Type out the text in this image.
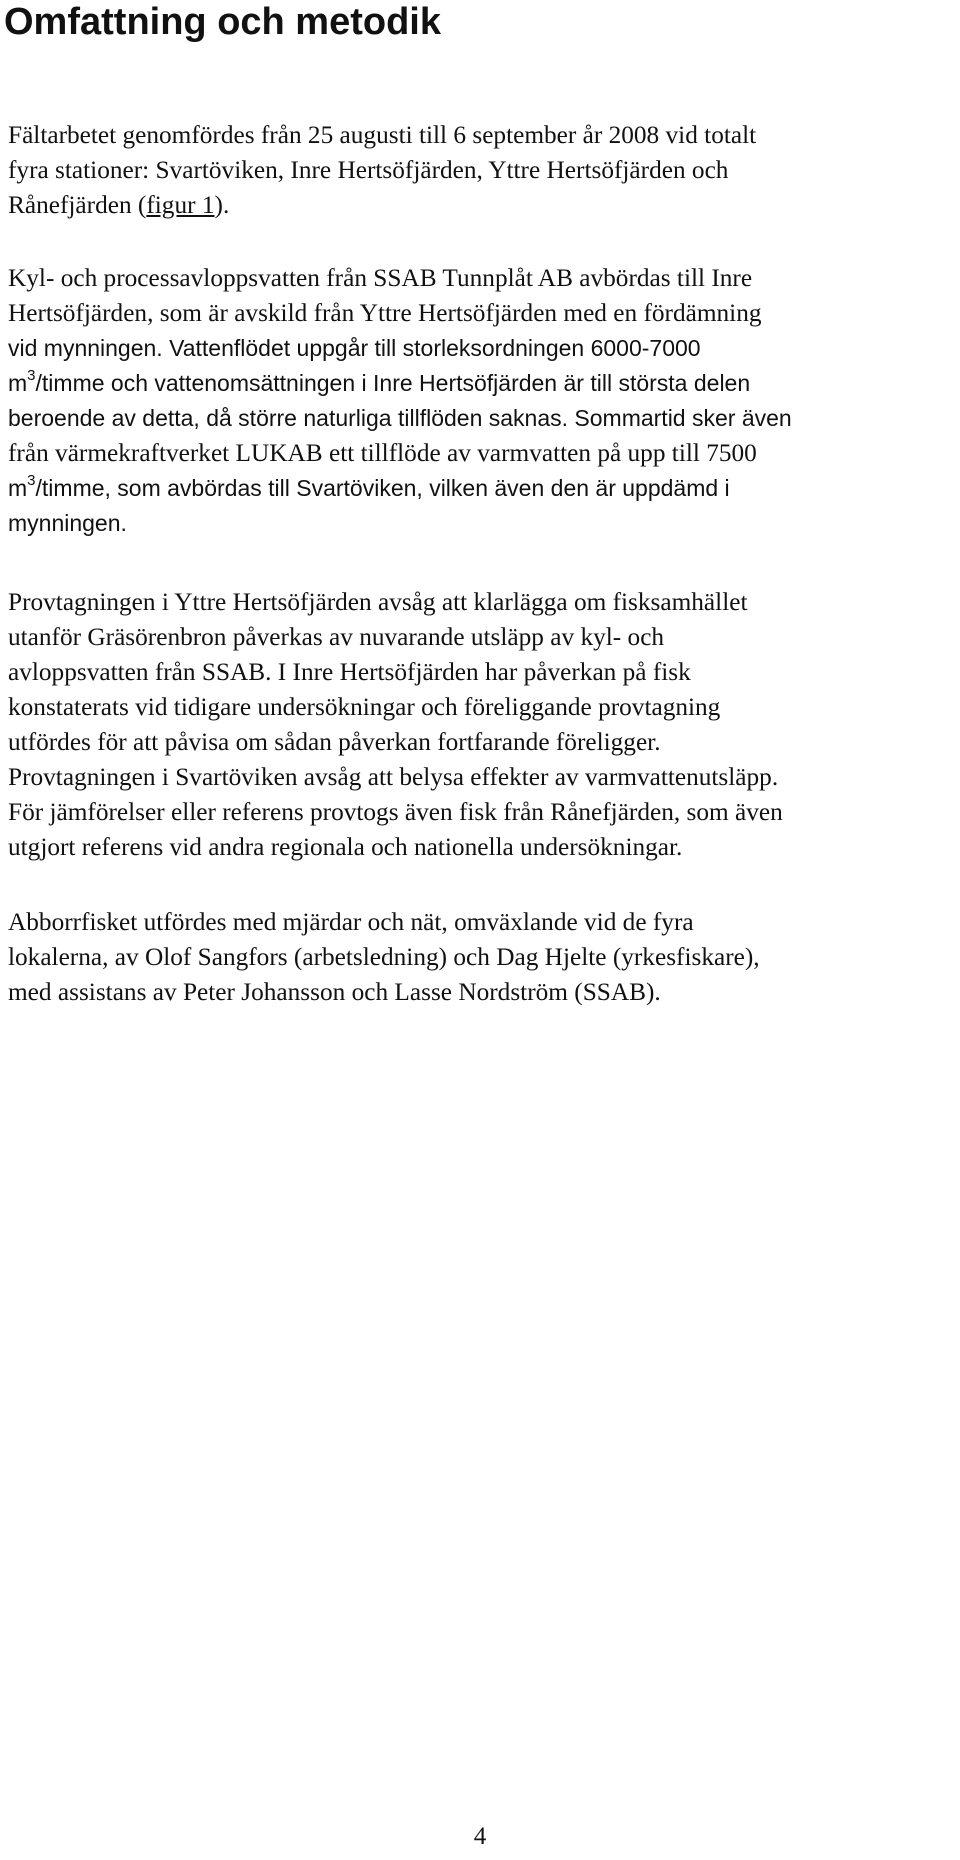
Omfattning och metodik

Fältarbetet genomfördes från 25 augusti till 6 september år 2008 vid totalt
fyra stationer: Svartöviken, Inre Hertsöfjärden, Yttre Hertsöfjärden och
Rånefjärden (figur 1).

Kyl- och processavloppsvatten från SSAB Tunnplåt AB avbördas till Inre
Hertsöfjärden, som är avskild från Yttre Hertsöfjärden med en fördämning
vid mynningen. Vattenflödet uppgår till storleksordningen 6000-7000
$m^3$/timme och vattenomsättningen i Inre Hertsöfjärden är till största delen
beroende av detta, då större naturliga tillflöden saknas. Sommartid sker även
från värmekraftverket LUKAB ett tillflöde av varmvatten på upp till 7500
$m^3$/timme, som avbördas till Svartöviken, vilken även den är uppdämd i
mynningen.

Provtagningen i Yttre Hertsöfjärden avsåg att klarlägga om fisksamhället
utanför Gräsörenbron påverkas av nuvarande utsläpp av kyl- och
avloppsvatten från SSAB. I Inre Hertsöfjärden har påverkan på fisk
konstaterats vid tidigare undersökningar och föreliggande provtagning
utfördes för att påvisa om sådan påverkan fortfarande föreligger.
Provtagningen i Svartöviken avsåg att belysa effekter av varmvattenutsläpp.
För jämförelser eller referens provtogs även fisk från Rånefjärden, som även
utgjort referens vid andra regionala och nationella undersökningar.

Abborrfisket utfördes med mjärdar och nät, omväxlande vid de fyra
lokalerna, av Olof Sangfors (arbetsledning) och Dag Hjelte (yrkesfiskare),
med assistans av Peter Johansson och Lasse Nordström (SSAB).

4
